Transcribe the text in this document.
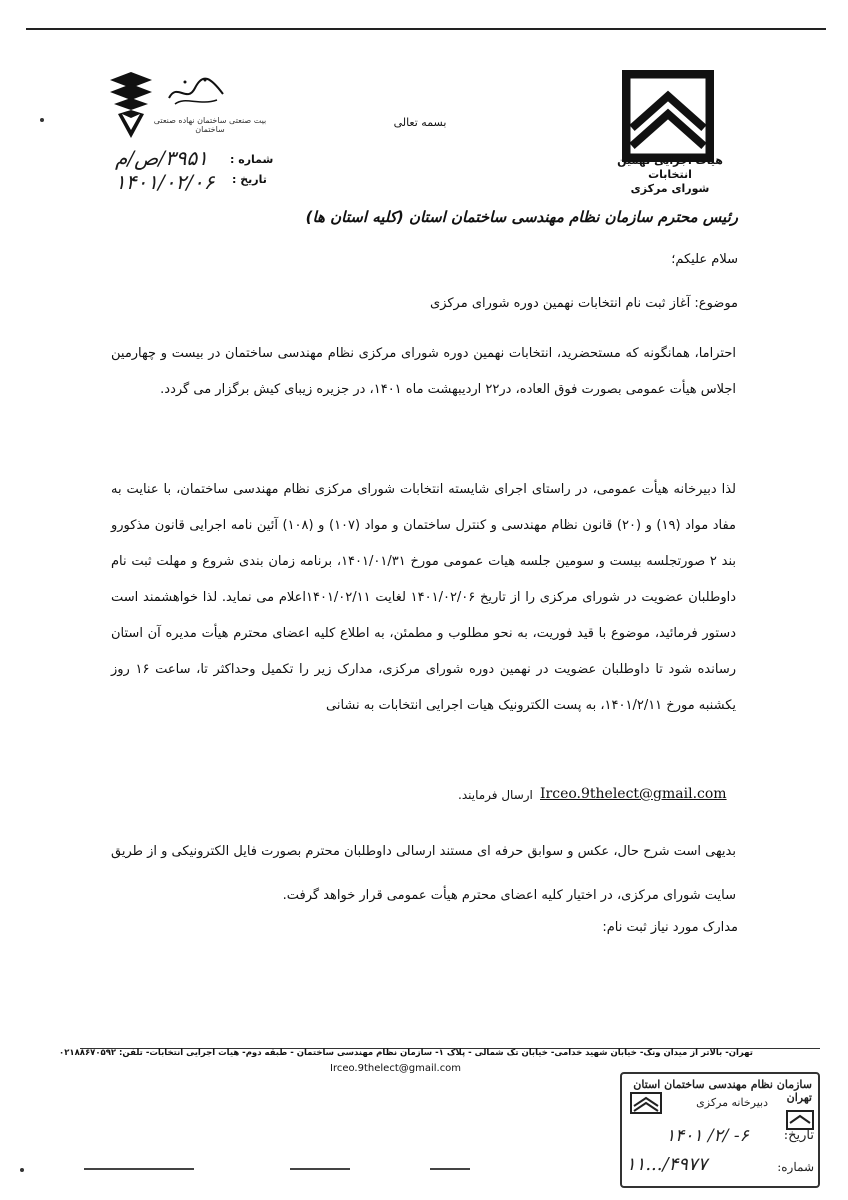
هیات اجرایی نهمین انتخابات
شورای مرکزی
بیت صنعتی ساختمان نهاده صنعتی ساختمان
بسمه تعالی
شماره :
تاریخ :
۳۹۵۱/ص/م
۱۴۰۱/۰۲/۰۶
رئیس محترم سازمان نظام مهندسی ساختمان استان (کلیه استان ها)
سلام علیکم؛
موضوع: آغاز ثبت نام انتخابات نهمین دوره شورای مرکزی
احتراما، همانگونه که مستحضرید، انتخابات نهمین دوره شورای مرکزی نظام مهندسی ساختمان در بیست و چهارمین اجلاس هیأت عمومی بصورت فوق العاده، در۲۲ اردیبهشت ماه ۱۴۰۱، در جزیره زیبای کیش برگزار می گردد.
لذا دبیرخانه هیأت عمومی، در راستای اجرای شایسته انتخابات شورای مرکزی نظام مهندسی ساختمان، با عنایت به مفاد مواد (۱۹) و (۲۰) قانون نظام مهندسی و کنترل ساختمان و مواد (۱۰۷) و (۱۰۸) آئین نامه اجرایی قانون مذکورو بند ۲ صورتجلسه بیست و سومین جلسه هیات عمومی مورخ ۱۴۰۱/۰۱/۳۱، برنامه زمان بندی شروع و مهلت ثبت نام داوطلبان عضویت در شورای مرکزی را از تاریخ ۱۴۰۱/۰۲/۰۶ لغایت ۱۴۰۱/۰۲/۱۱اعلام می نماید. لذا خواهشمند است دستور فرمائید، موضوع با قید فوریت، به نحو مطلوب و مطمئن، به اطلاع کلیه اعضای محترم هیأت مدیره آن استان رسانده شود تا داوطلبان عضویت در نهمین دوره شورای مرکزی، مدارک زیر را تکمیل وحداکثر تا، ساعت ۱۶ روز یکشنبه مورخ ۱۴۰۱/۲/۱۱، به پست الکترونیک هیات اجرایی انتخابات به نشانی
Irceo.9thelect@gmail.com
ارسال فرمایند.
بدیهی است شرح حال، عکس و سوابق حرفه ای مستند ارسالی داوطلبان محترم بصورت فایل الکترونیکی و از طریق سایت شورای مرکزی، در اختیار کلیه اعضای محترم هیأت عمومی قرار خواهد گرفت.
مدارک مورد نیاز ثبت نام:
تهران- بالاتر از میدان ونک- خیابان شهید خدامی- خیابان تک شمالی - پلاک ۱- سازمان نظام مهندسی ساختمان - طبقه دوم- هیات اجرایی انتخابات- تلفن: ۰۲۱۸۸۶۷۰۵۹۲
Irceo.9thelect@gmail.com
سازمان نظام مهندسی ساختمان استان تهران
دبیرخانه مرکزی
تاریخ:
۱۴۰۱ /۲/ -۶
شماره:
۱۱.../۴۹۷۷
